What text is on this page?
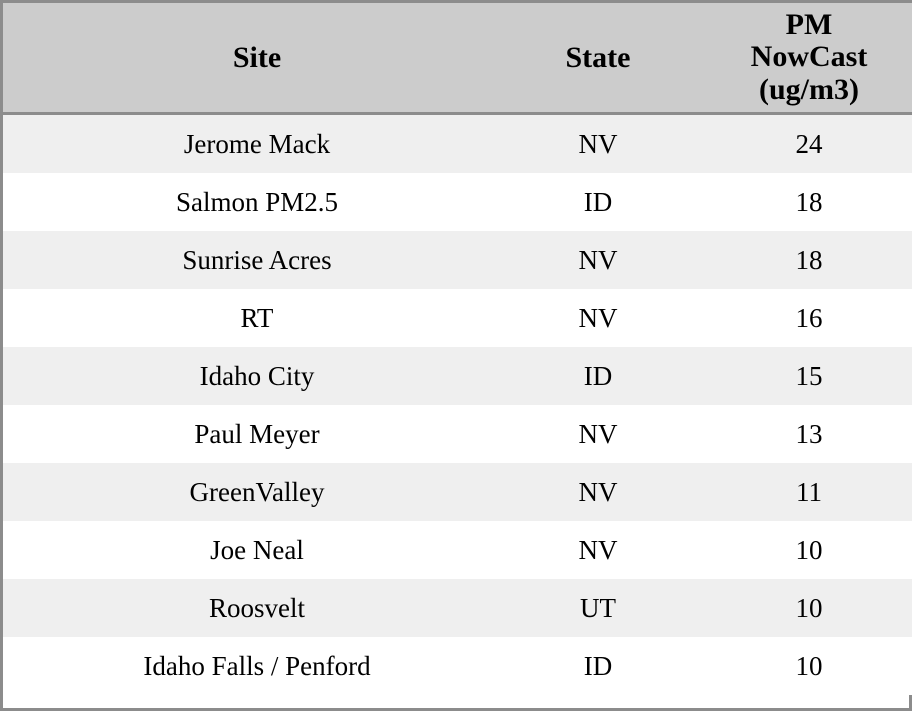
Site	State	PM
NowCast
(ug/m3)

Jerome Mack	NV	24
Salmon PM2.5	ID	18
Sunrise Acres	NV	18
RT	NV	16
Idaho City	ID	15
Paul Meyer	NV	13
GreenValley	NV	11
Joe Neal	NV	10
Roosvelt	UT	10
Idaho Falls / Penford	ID	10
